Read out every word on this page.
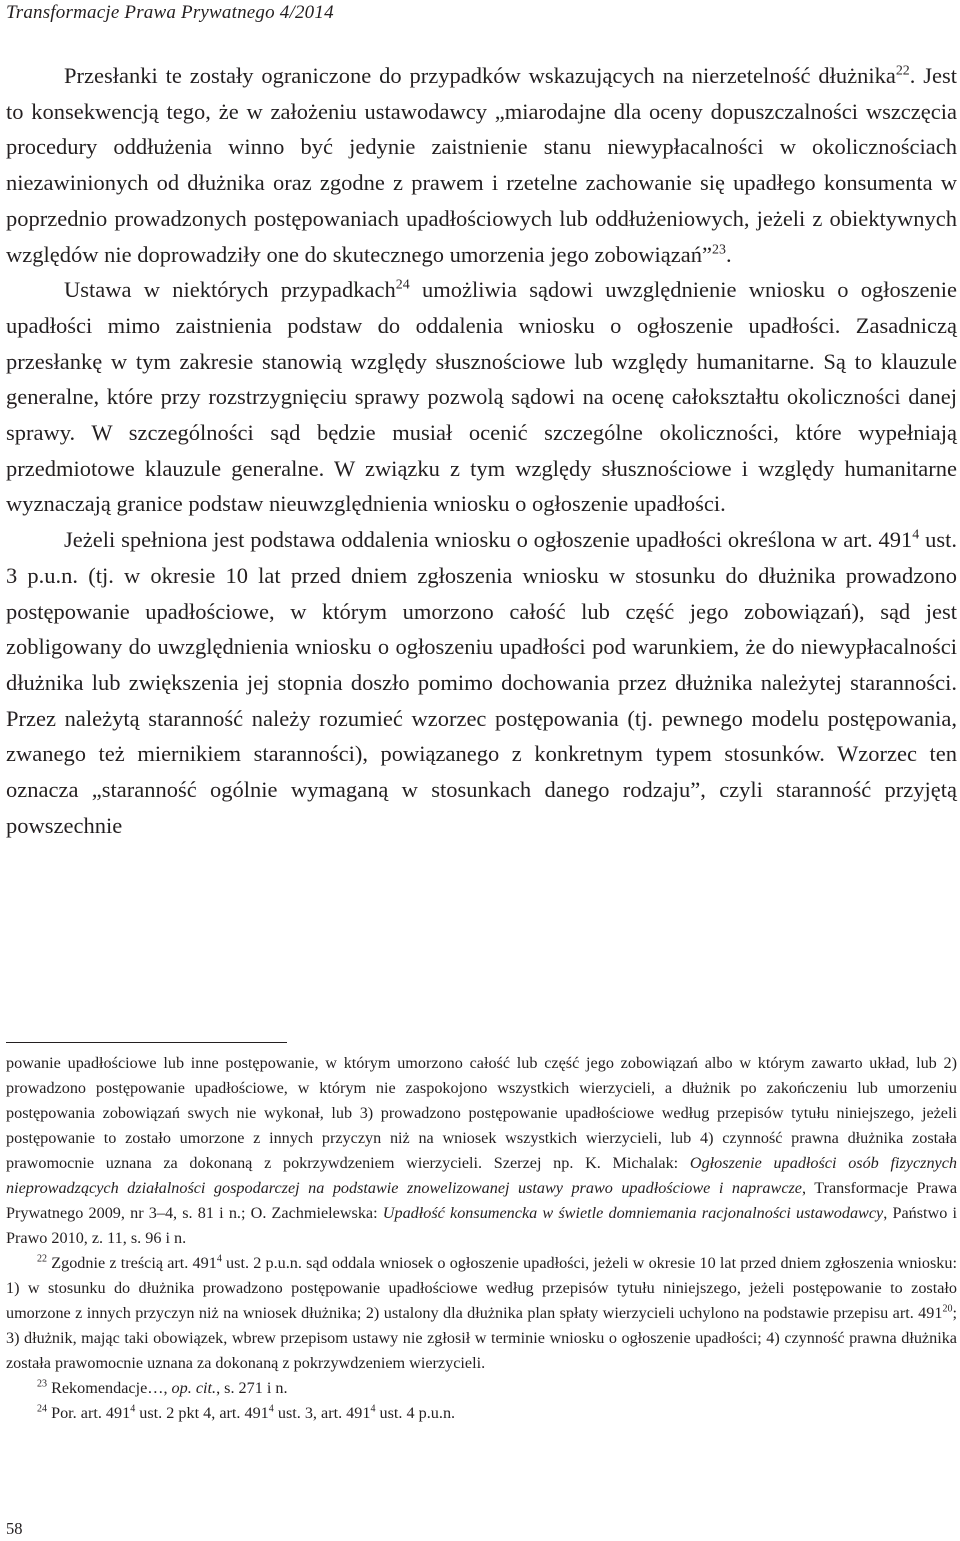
Transformacje Prawa Prywatnego 4/2014

Przesłanki te zostały ograniczone do przypadków wskazujących na nierzetelność dłużnika$^{22}$. Jest to konsekwencją tego, że w założeniu ustawodawcy „miarodajne dla oceny dopuszczalności wszczęcia procedury oddłużenia winno być jedynie zaistnienie stanu niewypłacalności w okolicznościach niezawinionych od dłużnika oraz zgodne z prawem i rzetelne zachowanie się upadłego konsumenta w poprzednio prowadzonych postępowaniach upadłościowych lub oddłużeniowych, jeżeli z obiektywnych względów nie doprowadziły one do skutecznego umorzenia jego zobowiązań”$^{23}$.

Ustawa w niektórych przypadkach$^{24}$ umożliwia sądowi uwzględnienie wniosku o ogłoszenie upadłości mimo zaistnienia podstaw do oddalenia wniosku o ogłoszenie upadłości. Zasadniczą przesłankę w tym zakresie stanowią względy słusznościowe lub względy humanitarne. Są to klauzule generalne, które przy rozstrzygnięciu sprawy pozwolą sądowi na ocenę całokształtu okoliczności danej sprawy. W szczególności sąd będzie musiał ocenić szczególne okoliczności, które wypełniają przedmiotowe klauzule generalne. W związku z tym względy słusznościowe i względy humanitarne wyznaczają granice podstaw nieuwzględnienia wniosku o ogłoszenie upadłości.

Jeżeli spełniona jest podstawa oddalenia wniosku o ogłoszenie upadłości określona w art. $491^4$ ust. 3 p.u.n. (tj. w okresie 10 lat przed dniem zgłoszenia wniosku w stosunku do dłużnika prowadzono postępowanie upadłościowe, w którym umorzono całość lub część jego zobowiązań), sąd jest zobligowany do uwzględnienia wniosku o ogłoszeniu upadłości pod warunkiem, że do niewypłacalności dłużnika lub zwiększenia jej stopnia doszło pomimo dochowania przez dłużnika należytej staranności. Przez należytą staranność należy rozumieć wzorzec postępowania (tj. pewnego modelu postępowania, zwanego też miernikiem staranności), powiązanego z konkretnym typem stosunków. Wzorzec ten oznacza „staranność ogólnie wymaganą w stosunkach danego rodzaju”, czyli staranność przyjętą powszechnie

powanie upadłościowe lub inne postępowanie, w którym umorzono całość lub część jego zobowiązań albo w którym zawarto układ, lub 2) prowadzono postępowanie upadłościowe, w którym nie zaspokojono wszystkich wierzycieli, a dłużnik po zakończeniu lub umorzeniu postępowania zobowiązań swych nie wykonał, lub 3) prowadzono postępowanie upadłościowe według przepisów tytułu niniejszego, jeżeli postępowanie to zostało umorzone z innych przyczyn niż na wniosek wszystkich wierzycieli, lub 4) czynność prawna dłużnika została prawomocnie uznana za dokonaną z pokrzywdzeniem wierzycieli. Szerzej np. K. Michalak: Ogłoszenie upadłości osób fizycznych nieprowadzących działalności gospodarczej na podstawie znowelizowanej ustawy prawo upadłościowe i naprawcze, Transformacje Prawa Prywatnego 2009, nr 3–4, s. 81 i n.; O. Zachmielewska: Upadłość konsumencka w świetle domniemania racjonalności ustawodawcy, Państwo i Prawo 2010, z. 11, s. 96 i n.

$^{22}$ Zgodnie z treścią art. $491^4$ ust. 2 p.u.n. sąd oddala wniosek o ogłoszenie upadłości, jeżeli w okresie 10 lat przed dniem zgłoszenia wniosku: 1) w stosunku do dłużnika prowadzono postępowanie upadłościowe według przepisów tytułu niniejszego, jeżeli postępowanie to zostało umorzone z innych przyczyn niż na wniosek dłużnika; 2) ustalony dla dłużnika plan spłaty wierzycieli uchylono na podstawie przepisu art. $491^{20}$; 3) dłużnik, mając taki obowiązek, wbrew przepisom ustawy nie zgłosił w terminie wniosku o ogłoszenie upadłości; 4) czynność prawna dłużnika została prawomocnie uznana za dokonaną z pokrzywdzeniem wierzycieli.

$^{23}$ Rekomendacje…, op. cit., s. 271 i n.

$^{24}$ Por. art. $491^4$ ust. 2 pkt 4, art. $491^4$ ust. 3, art. $491^4$ ust. 4 p.u.n.

58
